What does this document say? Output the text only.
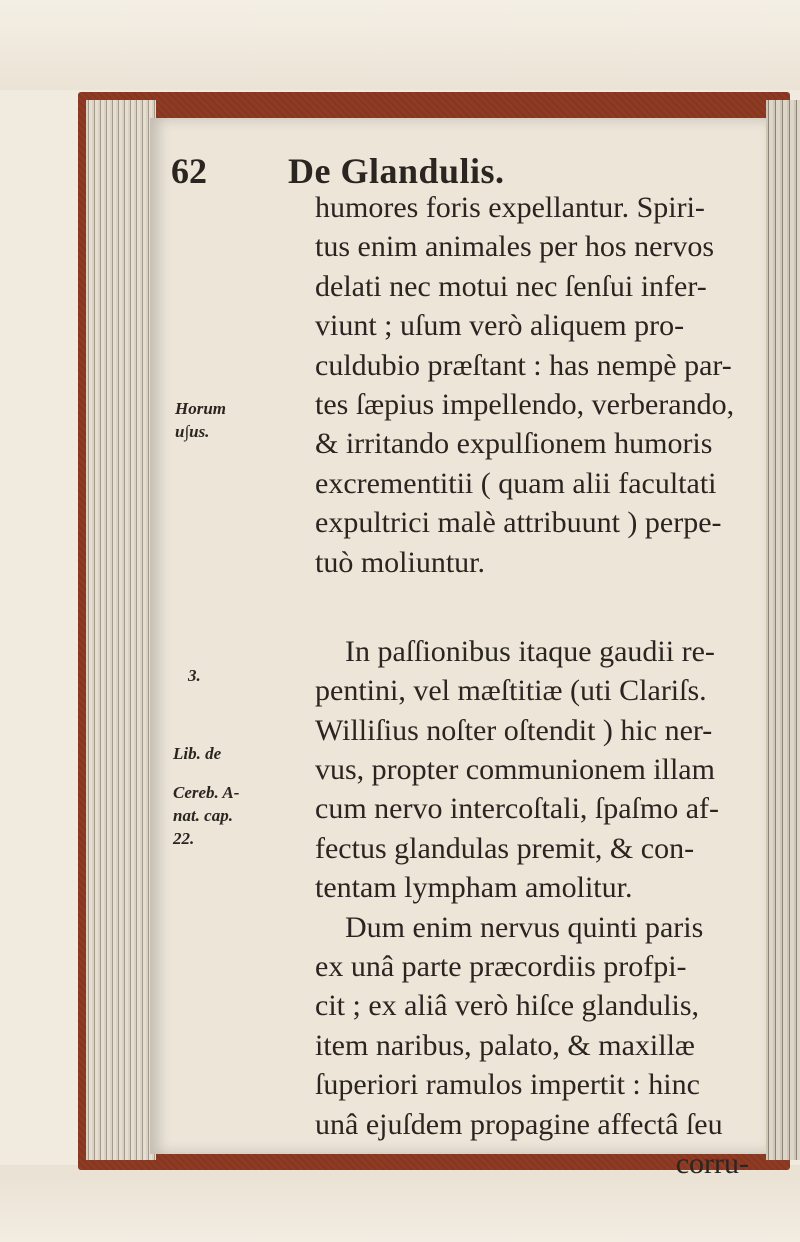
62 De Glandulis.
Horum
u∫us.
3.
Lib. de
Cereb. A-
nat. cap.
22.
humores foris expellantur. Spiri-
tus enim animales per hos nervos
delati nec motui nec ſenſui infer-
viunt ; uſum verò aliquem pro-
culdubio præſtant : has nempè par-
tes ſæpius impellendo, verberando,
& irritando expulſionem humoris
excrementitii ( quam alii facultati
expultrici malè attribuunt ) perpe-
tuò moliuntur.
In paſſionibus itaque gaudii re-
pentini, vel mæſtitiæ (uti Clariſs.
Williſius noſter oſtendit ) hic ner-
vus, propter communionem illam
cum nervo intercoſtali, ſpaſmo af-
fectus glandulas premit, & con-
tentam lympham amolitur.
Dum enim nervus quinti paris
ex unâ parte præcordiis profpi-
cit ; ex aliâ verò hiſce glandulis,
item naribus, palato, & maxillæ
ſuperiori ramulos impertit : hinc
unâ ejuſdem propagine affectâ ſeu
corru-
